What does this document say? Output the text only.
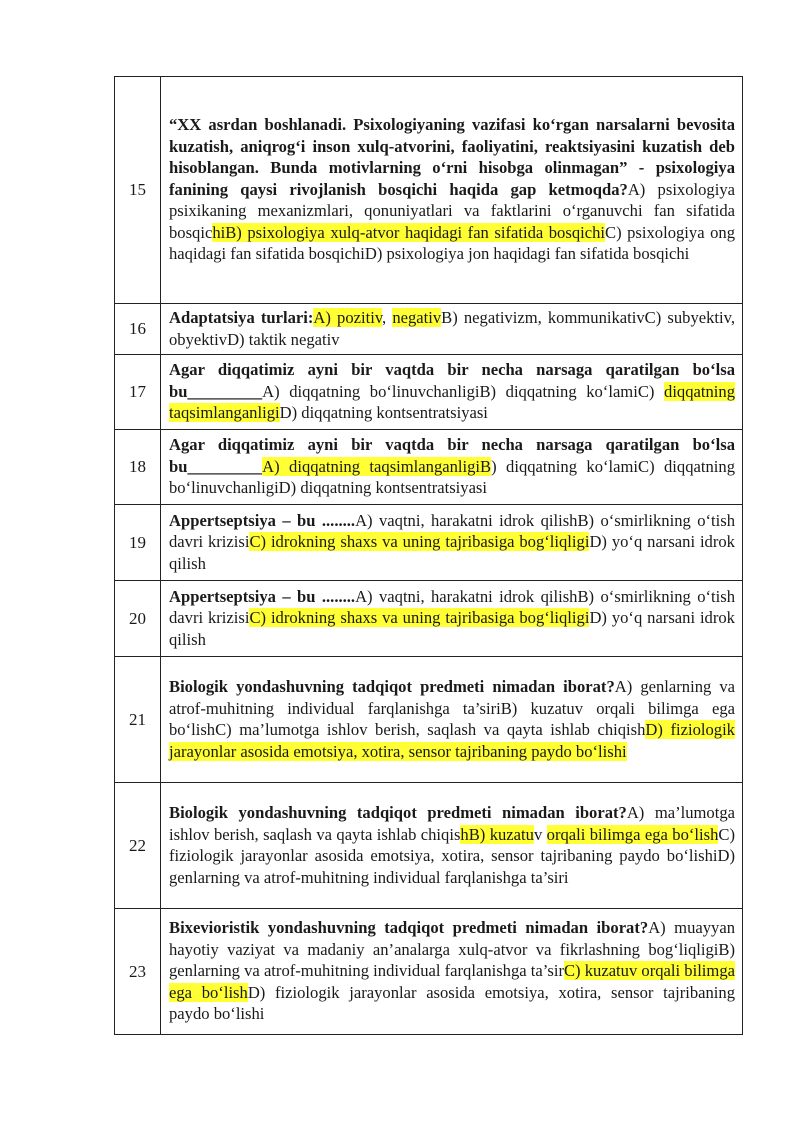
15	“XX asrdan boshlanadi. Psixologiyaning vazifasi ko‘rgan narsalarni bevosita kuzatish, aniqrog‘i inson xulq-atvorini, faoliyatini, reaktsiyasini kuzatish deb hisoblangan. Bunda motivlarning o‘rni hisobga olinmagan” - psixologiya fanining qaysi rivojlanish bosqichi haqida gap ketmoqda?A) psixologiya psixikaning mexanizmlari, qonuniyatlari va faktlarini o‘rganuvchi fan sifatida bosqichiB) psixologiya xulq-atvor haqidagi fan sifatida bosqichiC) psixologiya ong haqidagi fan sifatida bosqichiD) psixologiya jon haqidagi fan sifatida bosqichi
16	Adaptatsiya turlari:A) pozitiv, negativB) negativizm, kommunikativC) subyektiv, obyektivD) taktik negativ
17	Agar diqqatimiz ayni bir vaqtda bir necha narsaga qaratilgan bo‘lsa bu_________A) diqqatning bo‘linuvchanligiB) diqqatning ko‘lamiC) diqqatning taqsimlanganligiD) diqqatning kontsentratsiyasi
18	Agar diqqatimiz ayni bir vaqtda bir necha narsaga qaratilgan bo‘lsa bu_________A) diqqatning taqsimlanganligiB) diqqatning ko‘lamiC) diqqatning bo‘linuvchanligiD) diqqatning kontsentratsiyasi
19	Appertseptsiya – bu ........A) vaqtni, harakatni idrok qilishB) o‘smirlikning o‘tish davri krizisiC) idrokning shaxs va uning tajribasiga bog‘liqligiD) yo‘q narsani idrok qilish
20	Appertseptsiya – bu ........A) vaqtni, harakatni idrok qilishB) o‘smirlikning o‘tish davri krizisiC) idrokning shaxs va uning tajribasiga bog‘liqligiD) yo‘q narsani idrok qilish
21	Biologik yondashuvning tadqiqot predmeti nimadan iborat?A) genlarning va atrof-muhitning individual farqlanishga ta’siriB) kuzatuv orqali bilimga ega bo‘lishC) ma’lumotga ishlov berish, saqlash va qayta ishlab chiqishD) fiziologik jarayonlar asosida emotsiya, xotira, sensor tajribaning paydo bo‘lishi
22	Biologik yondashuvning tadqiqot predmeti nimadan iborat?A) ma’lumotga ishlov berish, saqlash va qayta ishlab chiqishB) kuzatuv orqali bilimga ega bo‘lishC) fiziologik jarayonlar asosida emotsiya, xotira, sensor tajribaning paydo bo‘lishiD) genlarning va atrof-muhitning individual farqlanishga ta’siri
23	Bixevioristik yondashuvning tadqiqot predmeti nimadan iborat?A) muayyan hayotiy vaziyat va madaniy an’analarga xulq-atvor va fikrlashning bog‘liqligiB) genlarning va atrof-muhitning individual farqlanishga ta’sirC) kuzatuv orqali bilimga ega bo‘lishD) fiziologik jarayonlar asosida emotsiya, xotira, sensor tajribaning paydo bo‘lishi
